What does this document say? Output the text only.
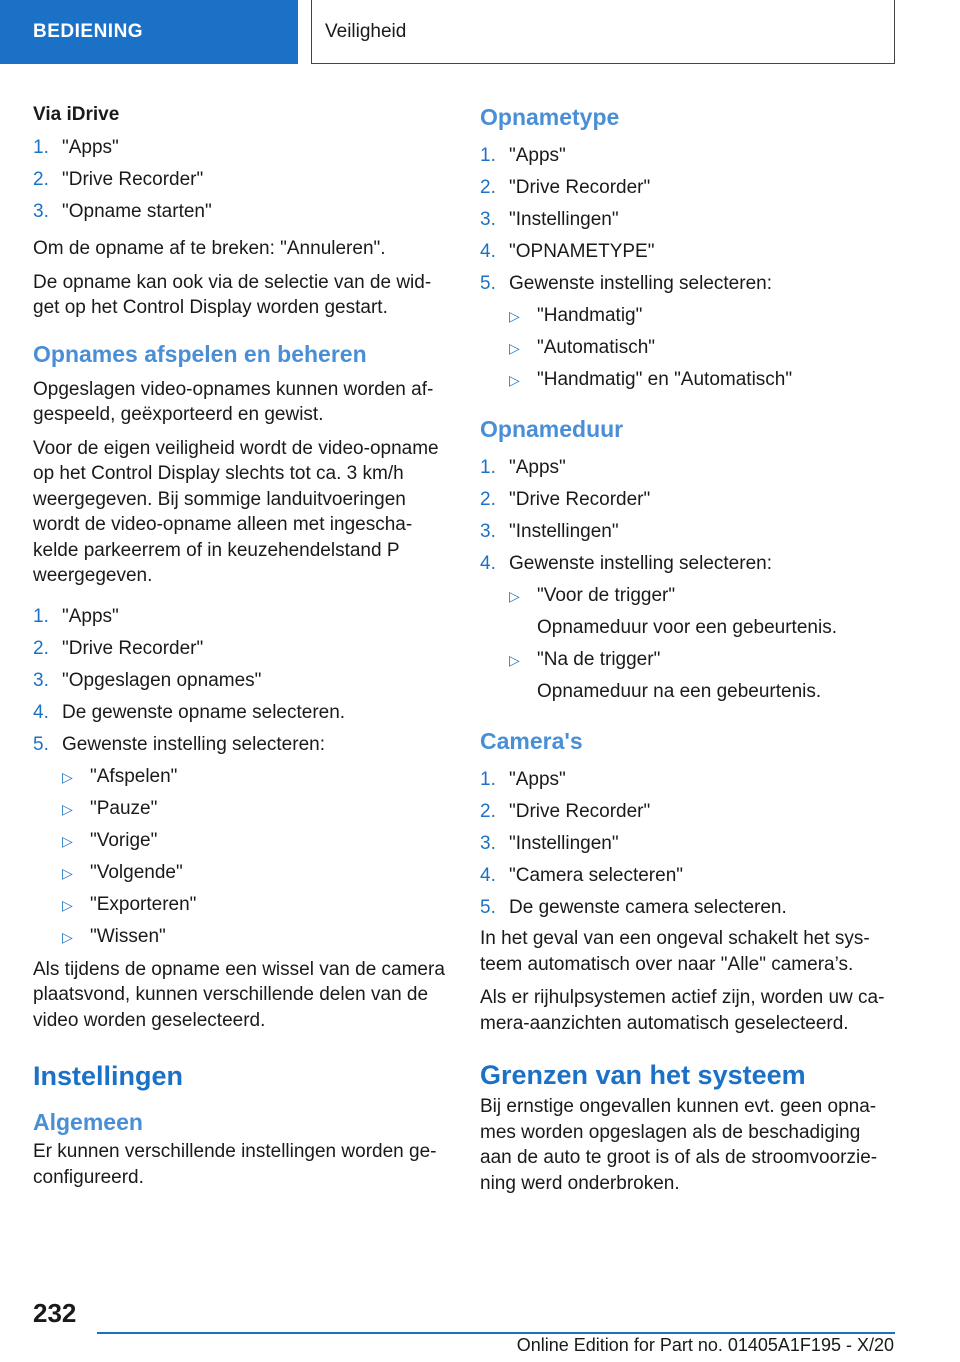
BEDIENING	Veiligheid
Via iDrive
1. "Apps"
2. "Drive Recorder"
3. "Opname starten"
Om de opname af te breken: "Annuleren".
De opname kan ook via de selectie van de widget op het Control Display worden gestart.
Opnames afspelen en beheren
Opgeslagen video-opnames kunnen worden afgespeeld, geëxporteerd en gewist.
Voor de eigen veiligheid wordt de video-opname op het Control Display slechts tot ca. 3 km/h weergegeven. Bij sommige landuitvoeringen wordt de video-opname alleen met ingeschakelde parkeerrem of in keuzehendelstand P weergegeven.
1. "Apps"
2. "Drive Recorder"
3. "Opgeslagen opnames"
4. De gewenste opname selecteren.
5. Gewenste instelling selecteren:
▷ "Afspelen"
▷ "Pauze"
▷ "Vorige"
▷ "Volgende"
▷ "Exporteren"
▷ "Wissen"
Als tijdens de opname een wissel van de camera plaatsvond, kunnen verschillende delen van de video worden geselecteerd.
Instellingen
Algemeen
Er kunnen verschillende instellingen worden geconfigureerd.
Opnametype
1. "Apps"
2. "Drive Recorder"
3. "Instellingen"
4. "OPNAMETYPE"
5. Gewenste instelling selecteren:
▷ "Handmatig"
▷ "Automatisch"
▷ "Handmatig" en "Automatisch"
Opnameduur
1. "Apps"
2. "Drive Recorder"
3. "Instellingen"
4. Gewenste instelling selecteren:
▷ "Voor de trigger"
Opnameduur voor een gebeurtenis.
▷ "Na de trigger"
Opnameduur na een gebeurtenis.
Camera's
1. "Apps"
2. "Drive Recorder"
3. "Instellingen"
4. "Camera selecteren"
5. De gewenste camera selecteren.
In het geval van een ongeval schakelt het systeem automatisch over naar "Alle" camera’s.
Als er rijhulpsystemen actief zijn, worden uw camera-aanzichten automatisch geselecteerd.
Grenzen van het systeem
Bij ernstige ongevallen kunnen evt. geen opnames worden opgeslagen als de beschadiging aan de auto te groot is of als de stroomvoorziening werd onderbroken.
232
Online Edition for Part no. 01405A1F195 - X/20
